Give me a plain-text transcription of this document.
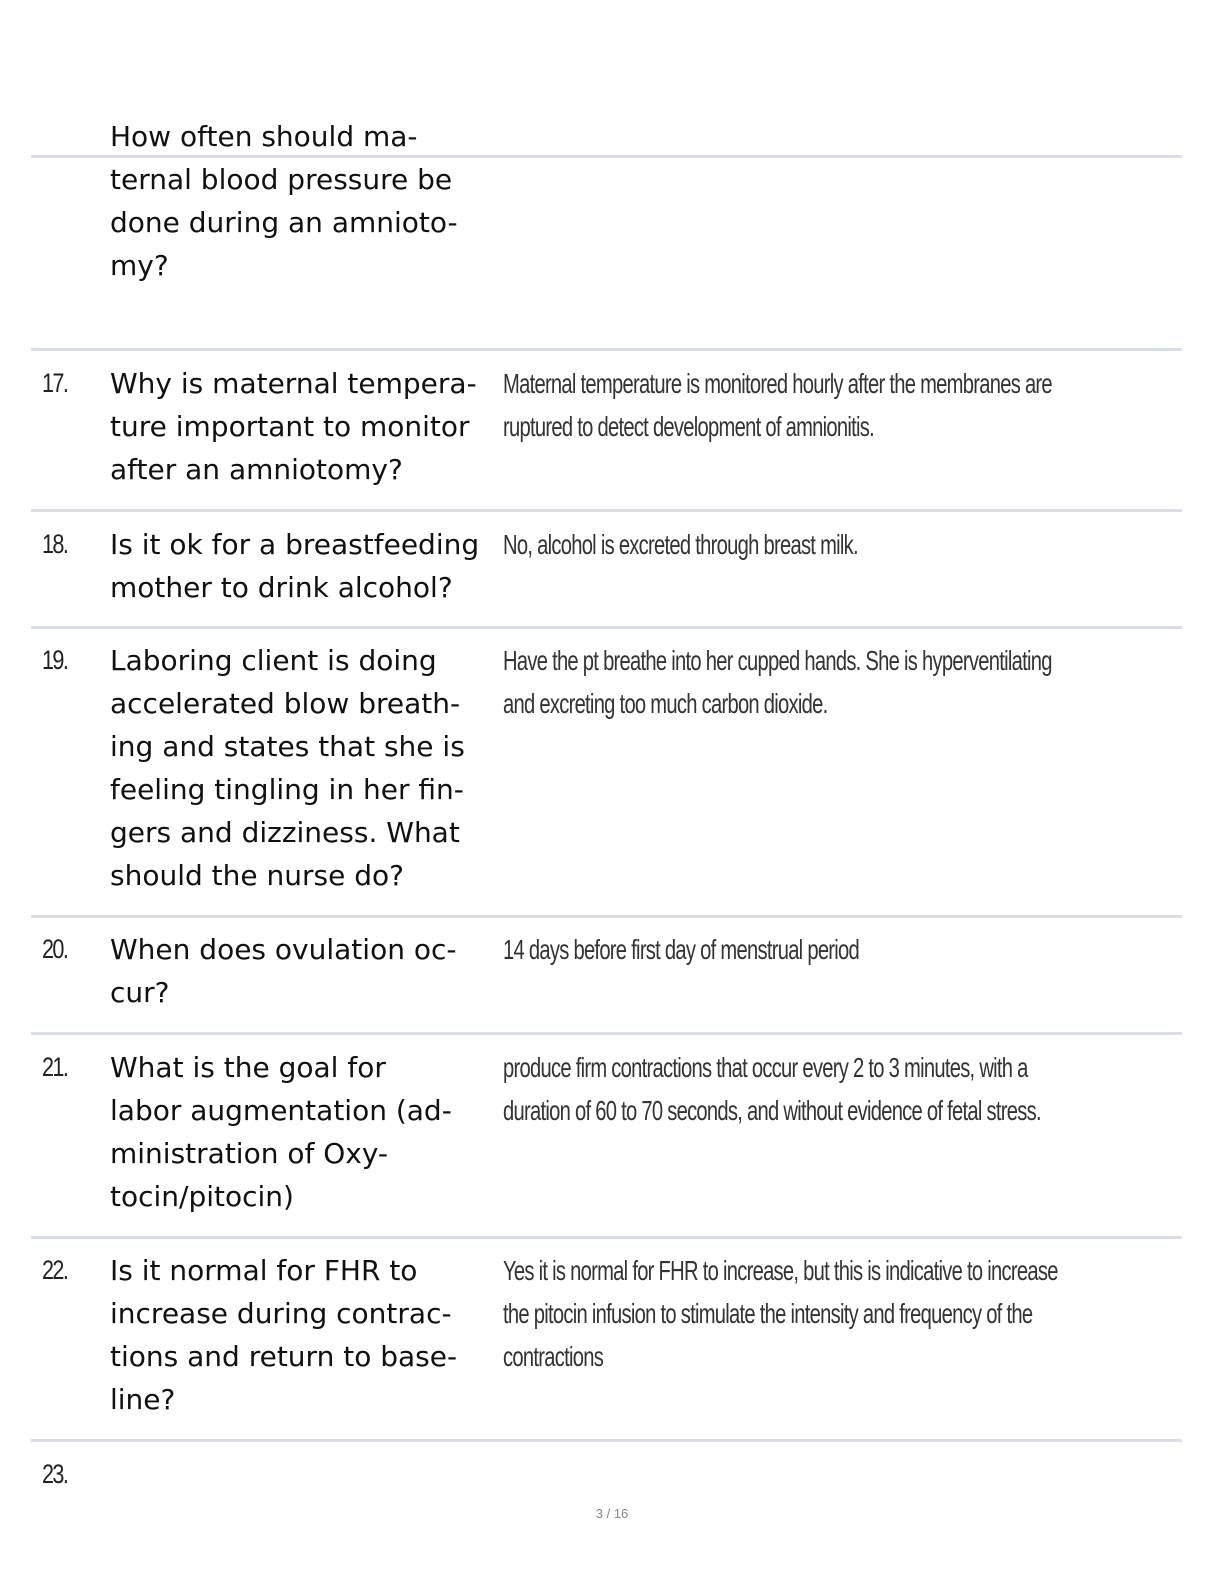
How often should ma-
ternal blood pressure be
done during an amnioto-
my?
17. Why is maternal tempera-
ture important to monitor
after an amniotomy?
Maternal temperature is monitored hourly after the membranes are
ruptured to detect development of amnionitis.
18. Is it ok for a breastfeeding
mother to drink alcohol?
No, alcohol is excreted through breast milk.
19. Laboring client is doing
accelerated blow breath-
ing and states that she is
feeling tingling in her fin-
gers and dizziness. What
should the nurse do?
Have the pt breathe into her cupped hands. She is hyperventilating
and excreting too much carbon dioxide.
20. When does ovulation oc-
cur?
14 days before first day of menstrual period
21. What is the goal for
labor augmentation (ad-
ministration of Oxy-
tocin/pitocin)
produce firm contractions that occur every 2 to 3 minutes, with a
duration of 60 to 70 seconds, and without evidence of fetal stress.
22. Is it normal for FHR to
increase during contrac-
tions and return to base-
line?
Yes it is normal for FHR to increase, but this is indicative to increase
the pitocin infusion to stimulate the intensity and frequency of the
contractions
23.
3 / 16
